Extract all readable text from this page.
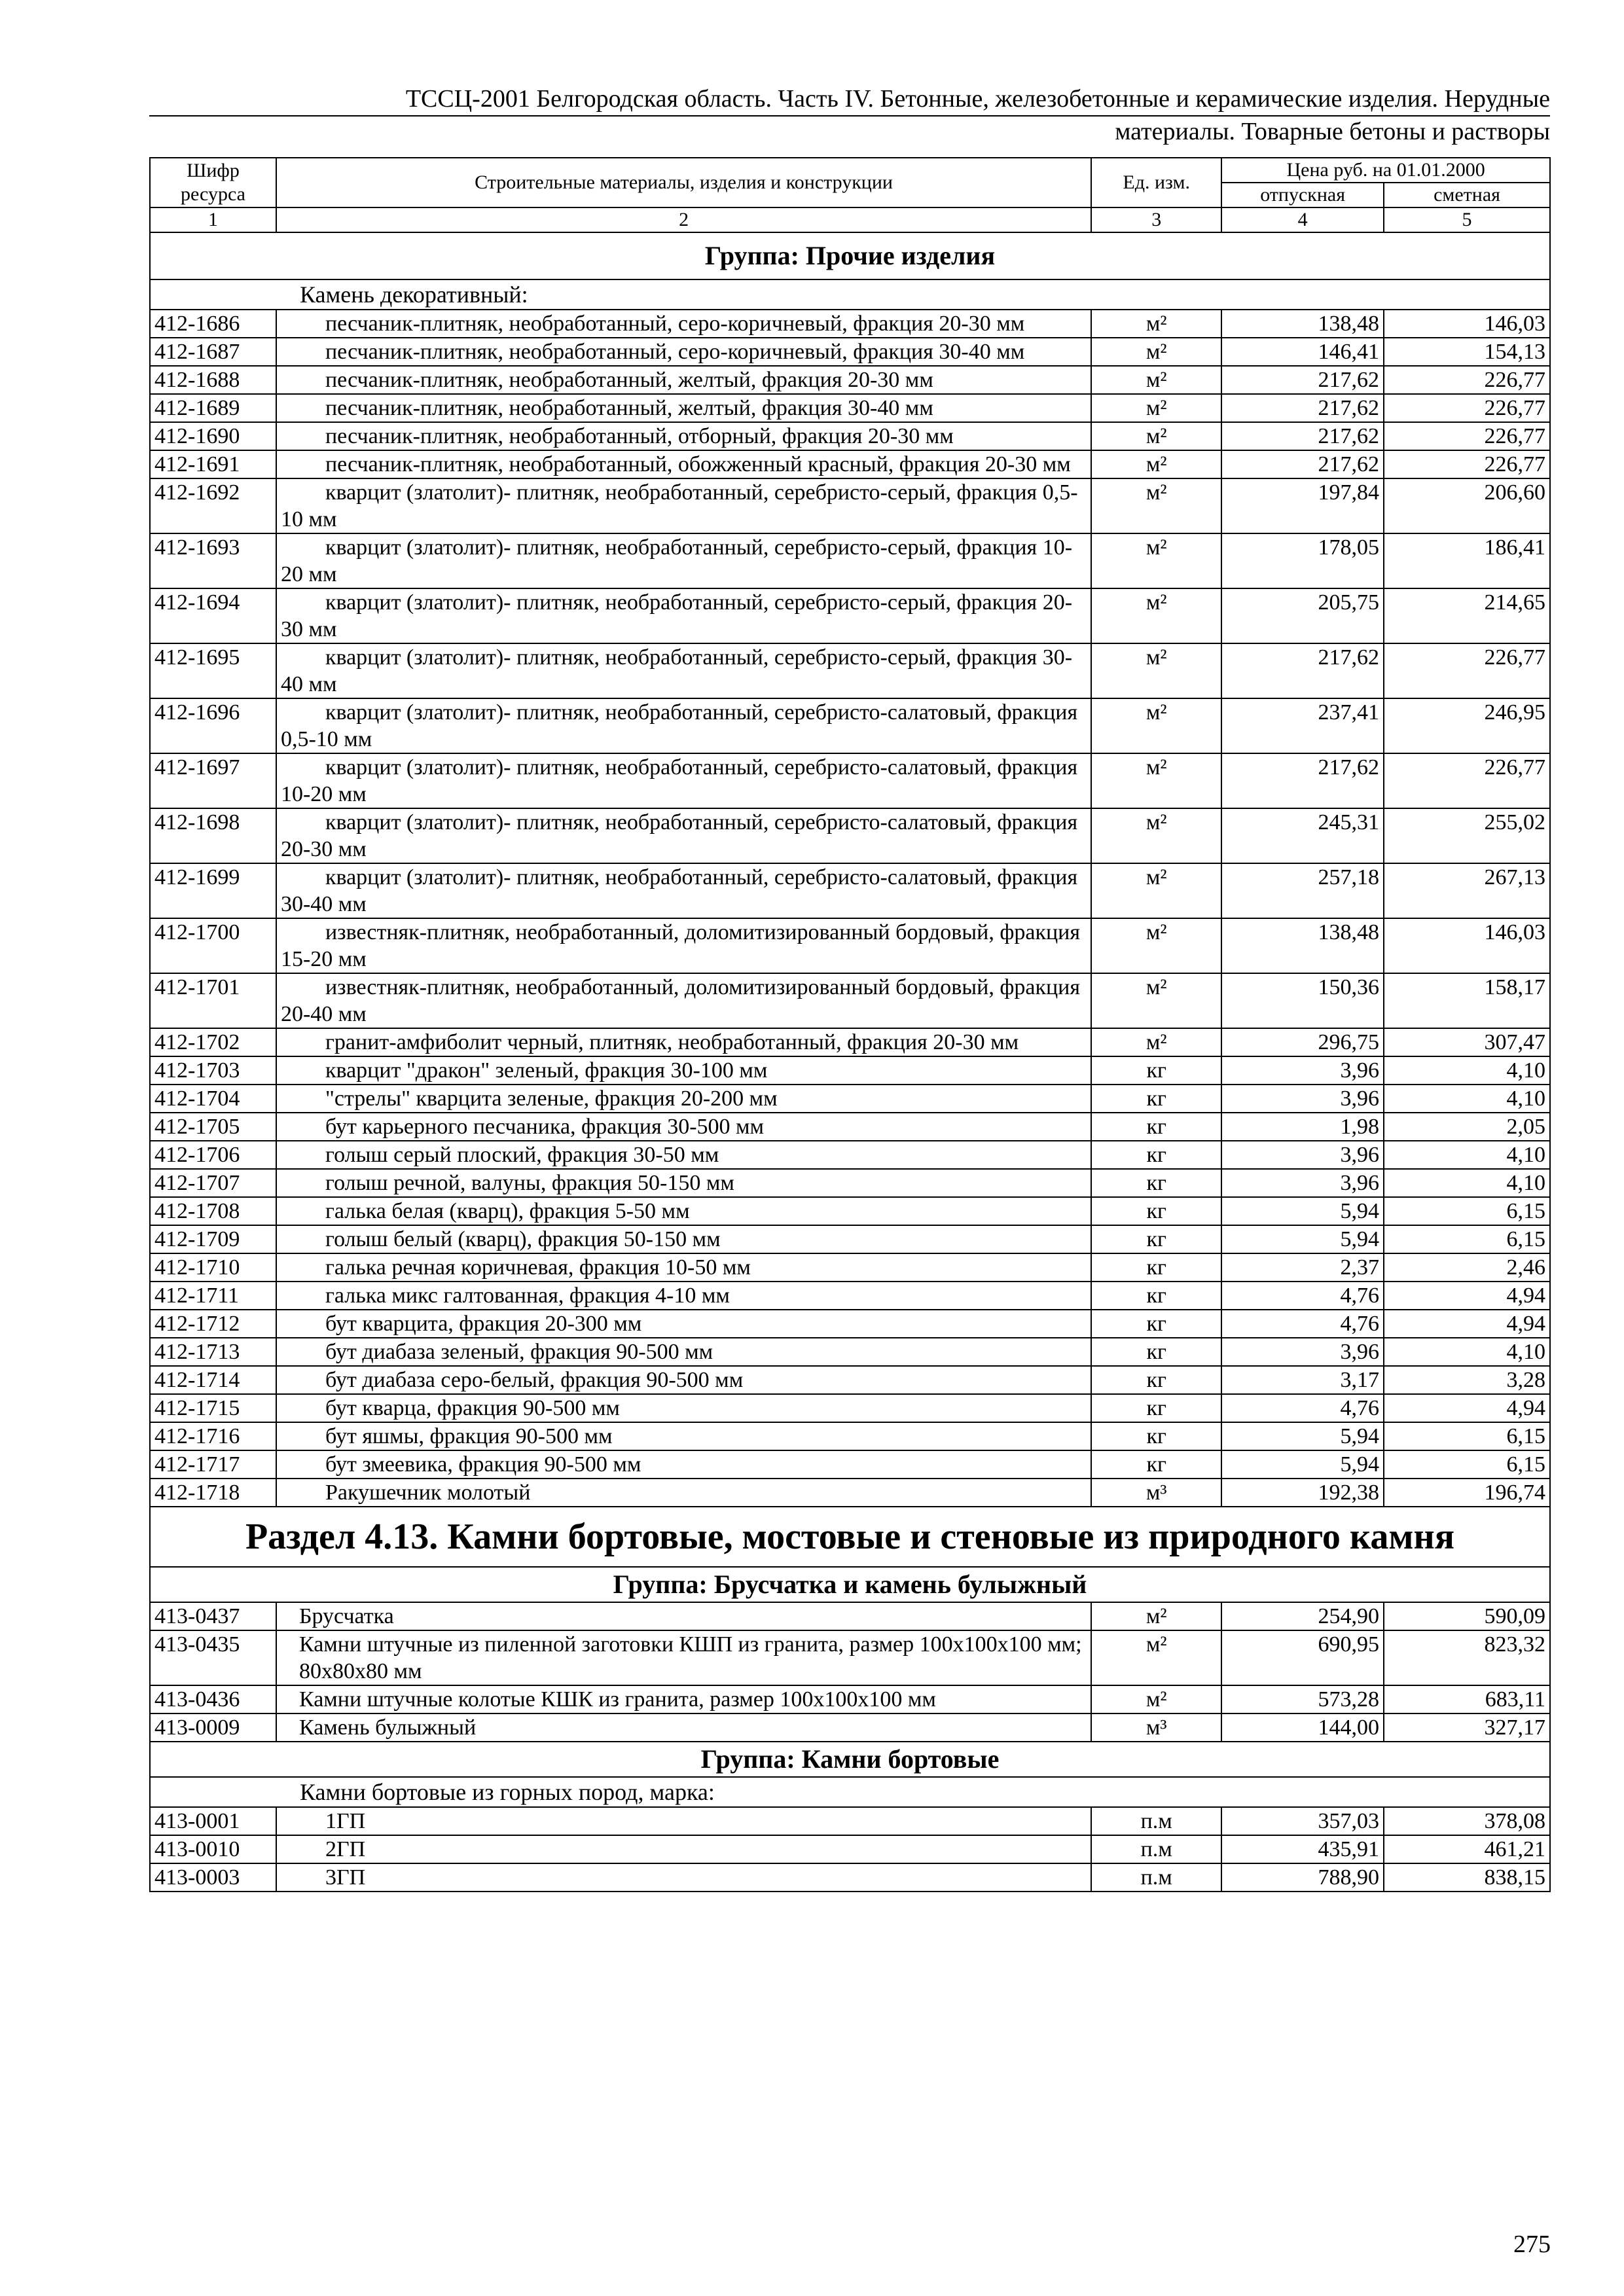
ТССЦ-2001 Белгородская область. Часть IV. Бетонные, железобетонные и керамические изделия. Нерудные
материалы. Товарные бетоны и растворы
Шифр ресурса	Строительные материалы, изделия и конструкции	Ед. изм.	Цена руб. на 01.01.2000	
			отпускная	сметная
1	2	3	4	5
Группа: Прочие изделия				
Камень декоративный:				
412-1686	песчаник-плитняк, необработанный, серо-коричневый, фракция 20-30 мм	м²	138,48	146,03
412-1687	песчаник-плитняк, необработанный, серо-коричневый, фракция 30-40 мм	м²	146,41	154,13
412-1688	песчаник-плитняк, необработанный, желтый, фракция 20-30 мм	м²	217,62	226,77
412-1689	песчаник-плитняк, необработанный, желтый, фракция 30-40 мм	м²	217,62	226,77
412-1690	песчаник-плитняк, необработанный, отборный, фракция 20-30 мм	м²	217,62	226,77
412-1691	песчаник-плитняк, необработанный, обожженный красный, фракция 20-30 мм	м²	217,62	226,77
412-1692	кварцит (златолит)- плитняк, необработанный, серебристо-серый, фракция 0,5-10 мм	м²	197,84	206,60
412-1693	кварцит (златолит)- плитняк, необработанный, серебристо-серый, фракция 10-20 мм	м²	178,05	186,41
412-1694	кварцит (златолит)- плитняк, необработанный, серебристо-серый, фракция 20-30 мм	м²	205,75	214,65
412-1695	кварцит (златолит)- плитняк, необработанный, серебристо-серый, фракция 30-40 мм	м²	217,62	226,77
412-1696	кварцит (златолит)- плитняк, необработанный, серебристо-салатовый, фракция 0,5-10 мм	м²	237,41	246,95
412-1697	кварцит (златолит)- плитняк, необработанный, серебристо-салатовый, фракция 10-20 мм	м²	217,62	226,77
412-1698	кварцит (златолит)- плитняк, необработанный, серебристо-салатовый, фракция 20-30 мм	м²	245,31	255,02
412-1699	кварцит (златолит)- плитняк, необработанный, серебристо-салатовый, фракция 30-40 мм	м²	257,18	267,13
412-1700	известняк-плитняк, необработанный, доломитизированный бордовый, фракция 15-20 мм	м²	138,48	146,03
412-1701	известняк-плитняк, необработанный, доломитизированный бордовый, фракция 20-40 мм	м²	150,36	158,17
412-1702	гранит-амфиболит черный, плитняк, необработанный, фракция 20-30 мм	м²	296,75	307,47
412-1703	кварцит "дракон" зеленый, фракция 30-100 мм	кг	3,96	4,10
412-1704	"стрелы" кварцита зеленые, фракция 20-200 мм	кг	3,96	4,10
412-1705	бут карьерного песчаника, фракция 30-500 мм	кг	1,98	2,05
412-1706	голыш серый плоский, фракция 30-50 мм	кг	3,96	4,10
412-1707	голыш речной, валуны, фракция 50-150 мм	кг	3,96	4,10
412-1708	галька белая (кварц), фракция 5-50 мм	кг	5,94	6,15
412-1709	голыш белый (кварц), фракция 50-150 мм	кг	5,94	6,15
412-1710	галька речная коричневая, фракция 10-50 мм	кг	2,37	2,46
412-1711	галька микс галтованная, фракция 4-10 мм	кг	4,76	4,94
412-1712	бут кварцита, фракция 20-300 мм	кг	4,76	4,94
412-1713	бут диабаза зеленый, фракция 90-500 мм	кг	3,96	4,10
412-1714	бут диабаза серо-белый, фракция 90-500 мм	кг	3,17	3,28
412-1715	бут кварца, фракция 90-500 мм	кг	4,76	4,94
412-1716	бут яшмы, фракция 90-500 мм	кг	5,94	6,15
412-1717	бут змеевика, фракция 90-500 мм	кг	5,94	6,15
412-1718	Ракушечник молотый	м³	192,38	196,74
Раздел 4.13. Камни бортовые, мостовые и стеновые из природного камня				
Группа: Брусчатка и камень булыжный				
413-0437	Брусчатка	м²	254,90	590,09
413-0435	Камни штучные из пиленной заготовки КШП из гранита, размер 100х100х100 мм; 80х80х80 мм	м²	690,95	823,32
413-0436	Камни штучные колотые КШК из гранита, размер 100х100х100 мм	м²	573,28	683,11
413-0009	Камень булыжный	м³	144,00	327,17
Группа: Камни бортовые				
Камни бортовые из горных пород, марка:				
413-0001	1ГП	п.м	357,03	378,08
413-0010	2ГП	п.м	435,91	461,21
413-0003	3ГП	п.м	788,90	838,15
275
